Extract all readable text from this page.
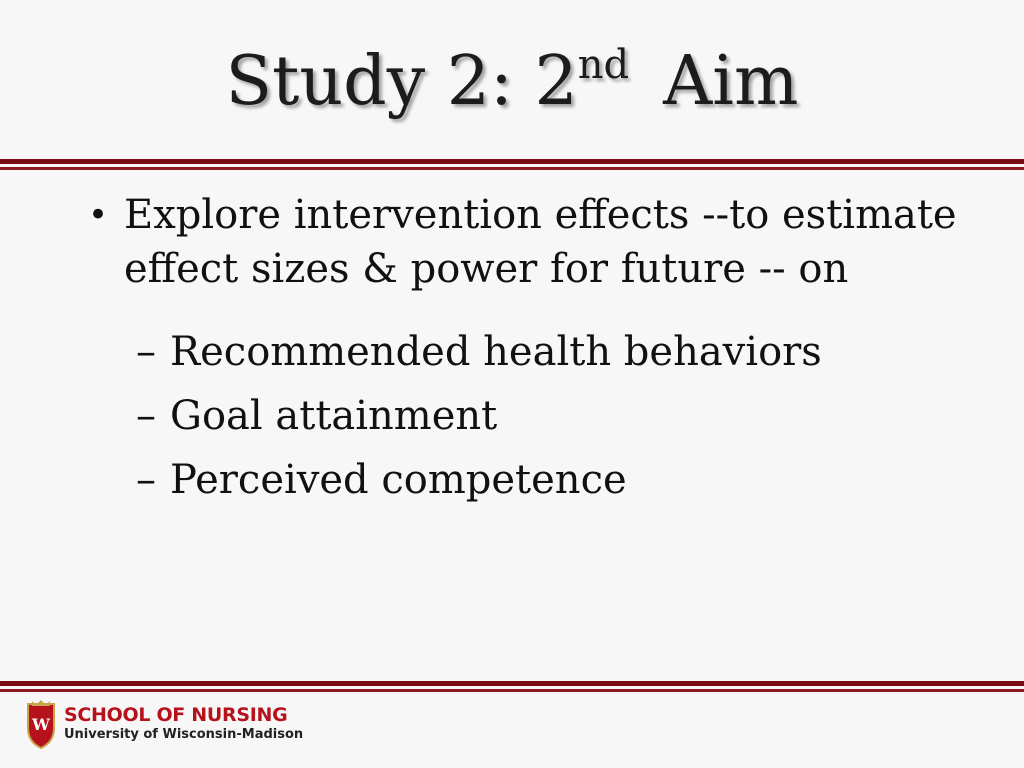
Study 2: 2nd Aim
• Explore intervention effects --to estimate
effect sizes & power for future -- on
– Recommended health behaviors
– Goal attainment
– Perceived competence
W SCHOOL OF NURSING
University of Wisconsin-Madison
